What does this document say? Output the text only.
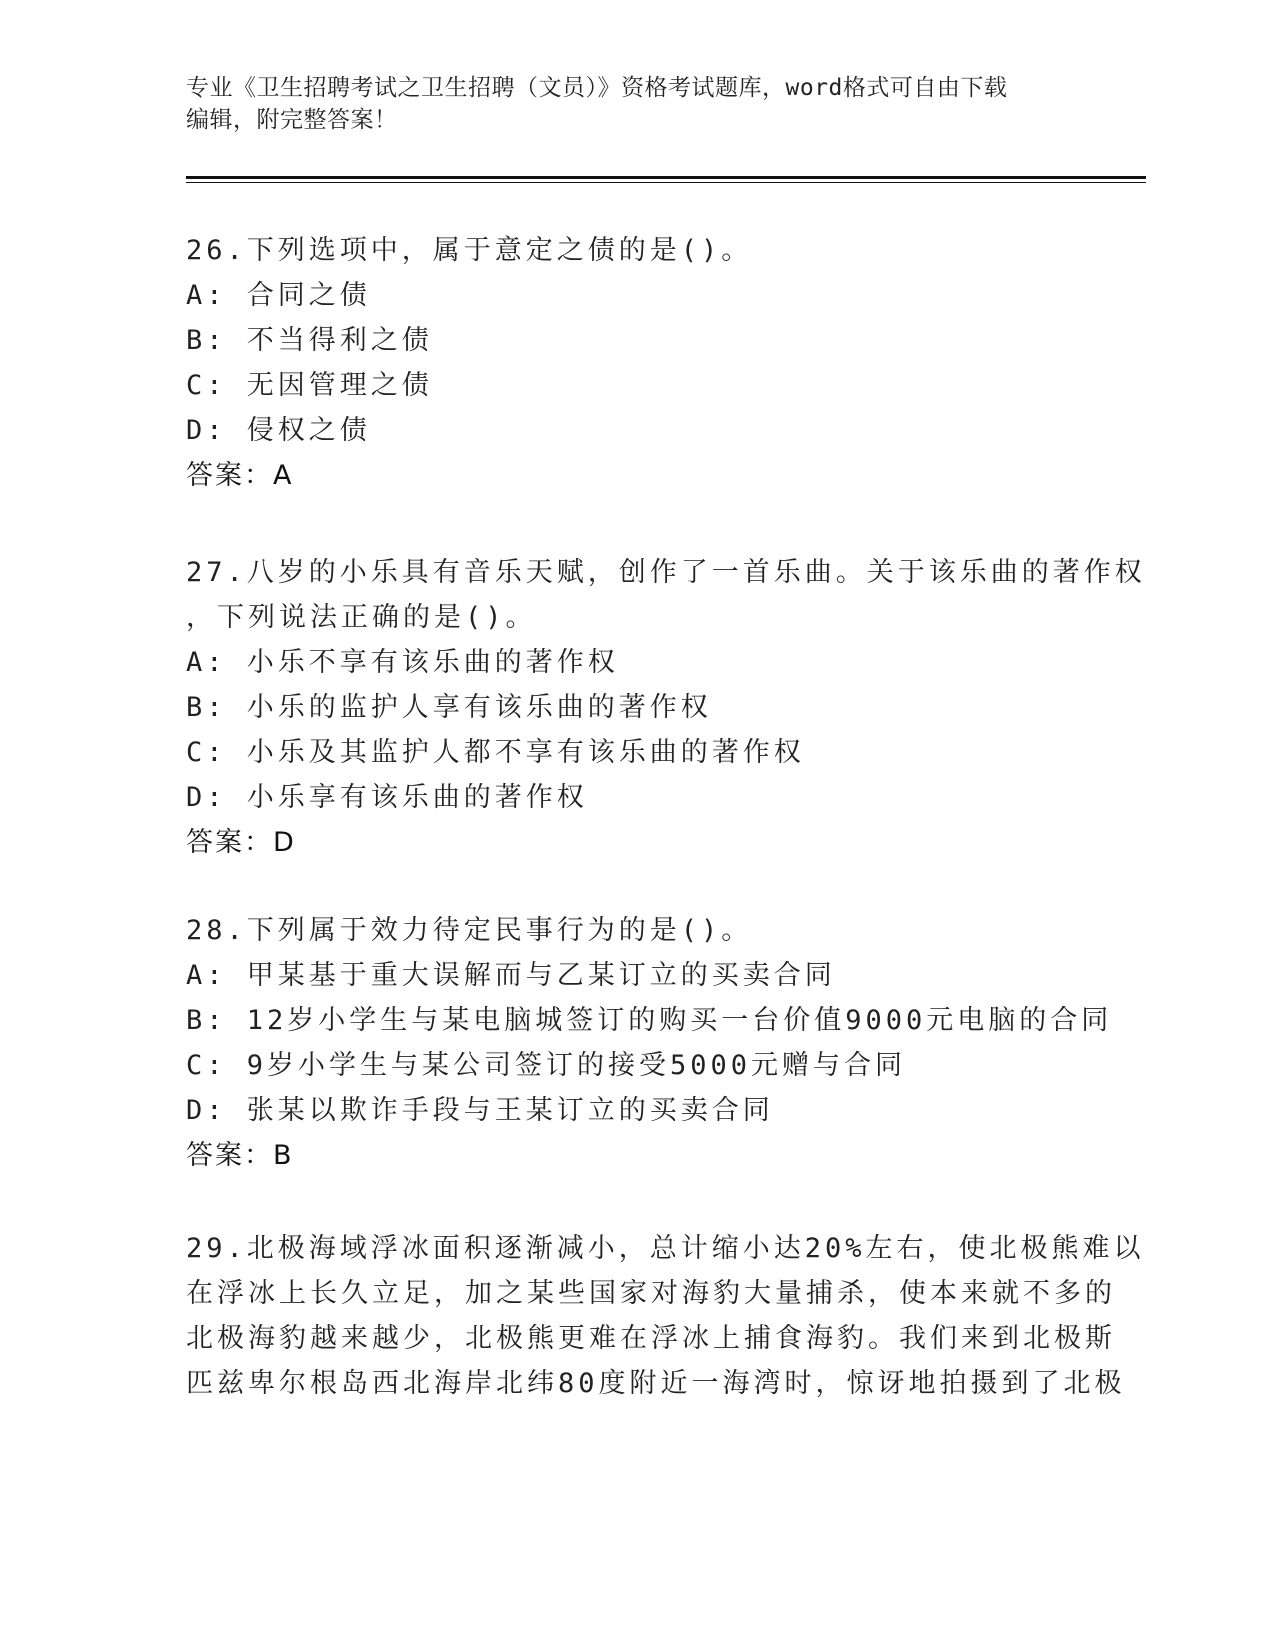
专业《卫生招聘考试之卫生招聘（文员）》资格考试题库，word格式可自由下载
编辑，附完整答案！
26.下列选项中，属于意定之债的是()。
A: 合同之债
B: 不当得利之债
C: 无因管理之债
D: 侵权之债
答案：A
27.八岁的小乐具有音乐天赋，创作了一首乐曲。关于该乐曲的著作权
，下列说法正确的是()。
A: 小乐不享有该乐曲的著作权
B: 小乐的监护人享有该乐曲的著作权
C: 小乐及其监护人都不享有该乐曲的著作权
D: 小乐享有该乐曲的著作权
答案：D
28.下列属于效力待定民事行为的是()。
A: 甲某基于重大误解而与乙某订立的买卖合同
B: 12岁小学生与某电脑城签订的购买一台价值9000元电脑的合同
C: 9岁小学生与某公司签订的接受5000元赠与合同
D: 张某以欺诈手段与王某订立的买卖合同
答案：B
29.北极海域浮冰面积逐渐减小，总计缩小达20%左右，使北极熊难以
在浮冰上长久立足，加之某些国家对海豹大量捕杀，使本来就不多的
北极海豹越来越少，北极熊更难在浮冰上捕食海豹。我们来到北极斯
匹兹卑尔根岛西北海岸北纬80度附近一海湾时，惊讶地拍摄到了北极
